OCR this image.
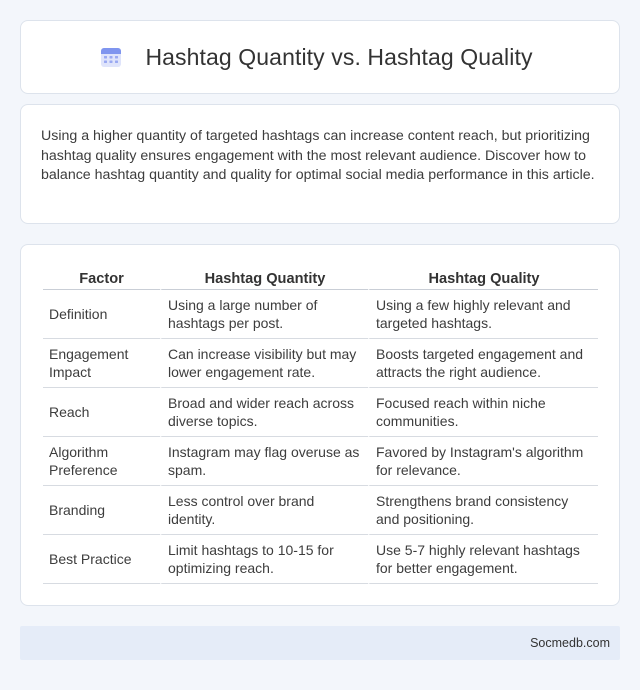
Hashtag Quantity vs. Hashtag Quality

Using a higher quantity of targeted hashtags can increase content reach, but prioritizing hashtag quality ensures engagement with the most relevant audience. Discover how to balance hashtag quantity and quality for optimal social media performance in this article.

Factor	Hashtag Quantity	Hashtag Quality
Definition	Using a large number of hashtags per post.	Using a few highly relevant and targeted hashtags.
Engagement Impact	Can increase visibility but may lower engagement rate.	Boosts targeted engagement and attracts the right audience.
Reach	Broad and wider reach across diverse topics.	Focused reach within niche communities.
Algorithm Preference	Instagram may flag overuse as spam.	Favored by Instagram's algorithm for relevance.
Branding	Less control over brand identity.	Strengthens brand consistency and positioning.
Best Practice	Limit hashtags to 10-15 for optimizing reach.	Use 5-7 highly relevant hashtags for better engagement.
Socmedb.com
